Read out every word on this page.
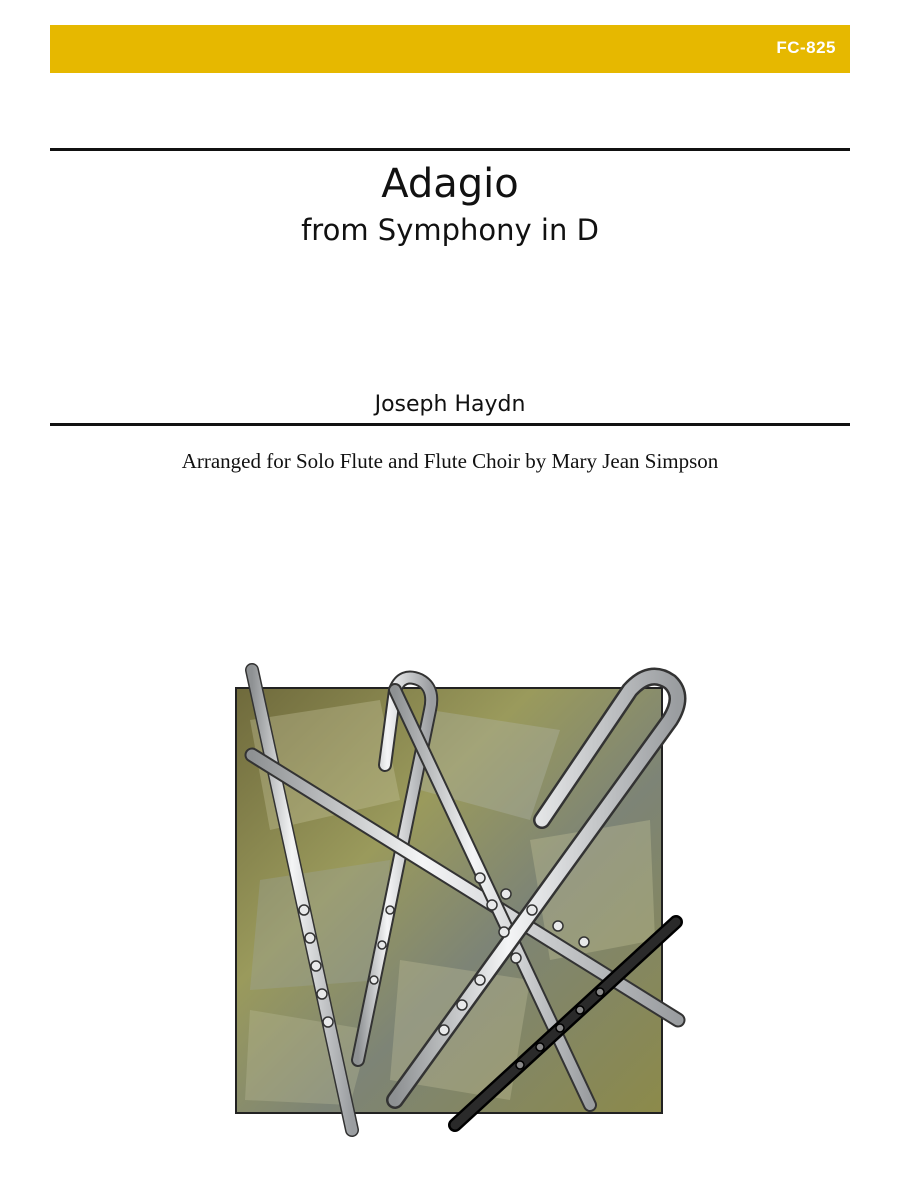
FC-825
Adagio
from Symphony in D
Joseph Haydn
Arranged for Solo Flute and Flute Choir by Mary Jean Simpson
